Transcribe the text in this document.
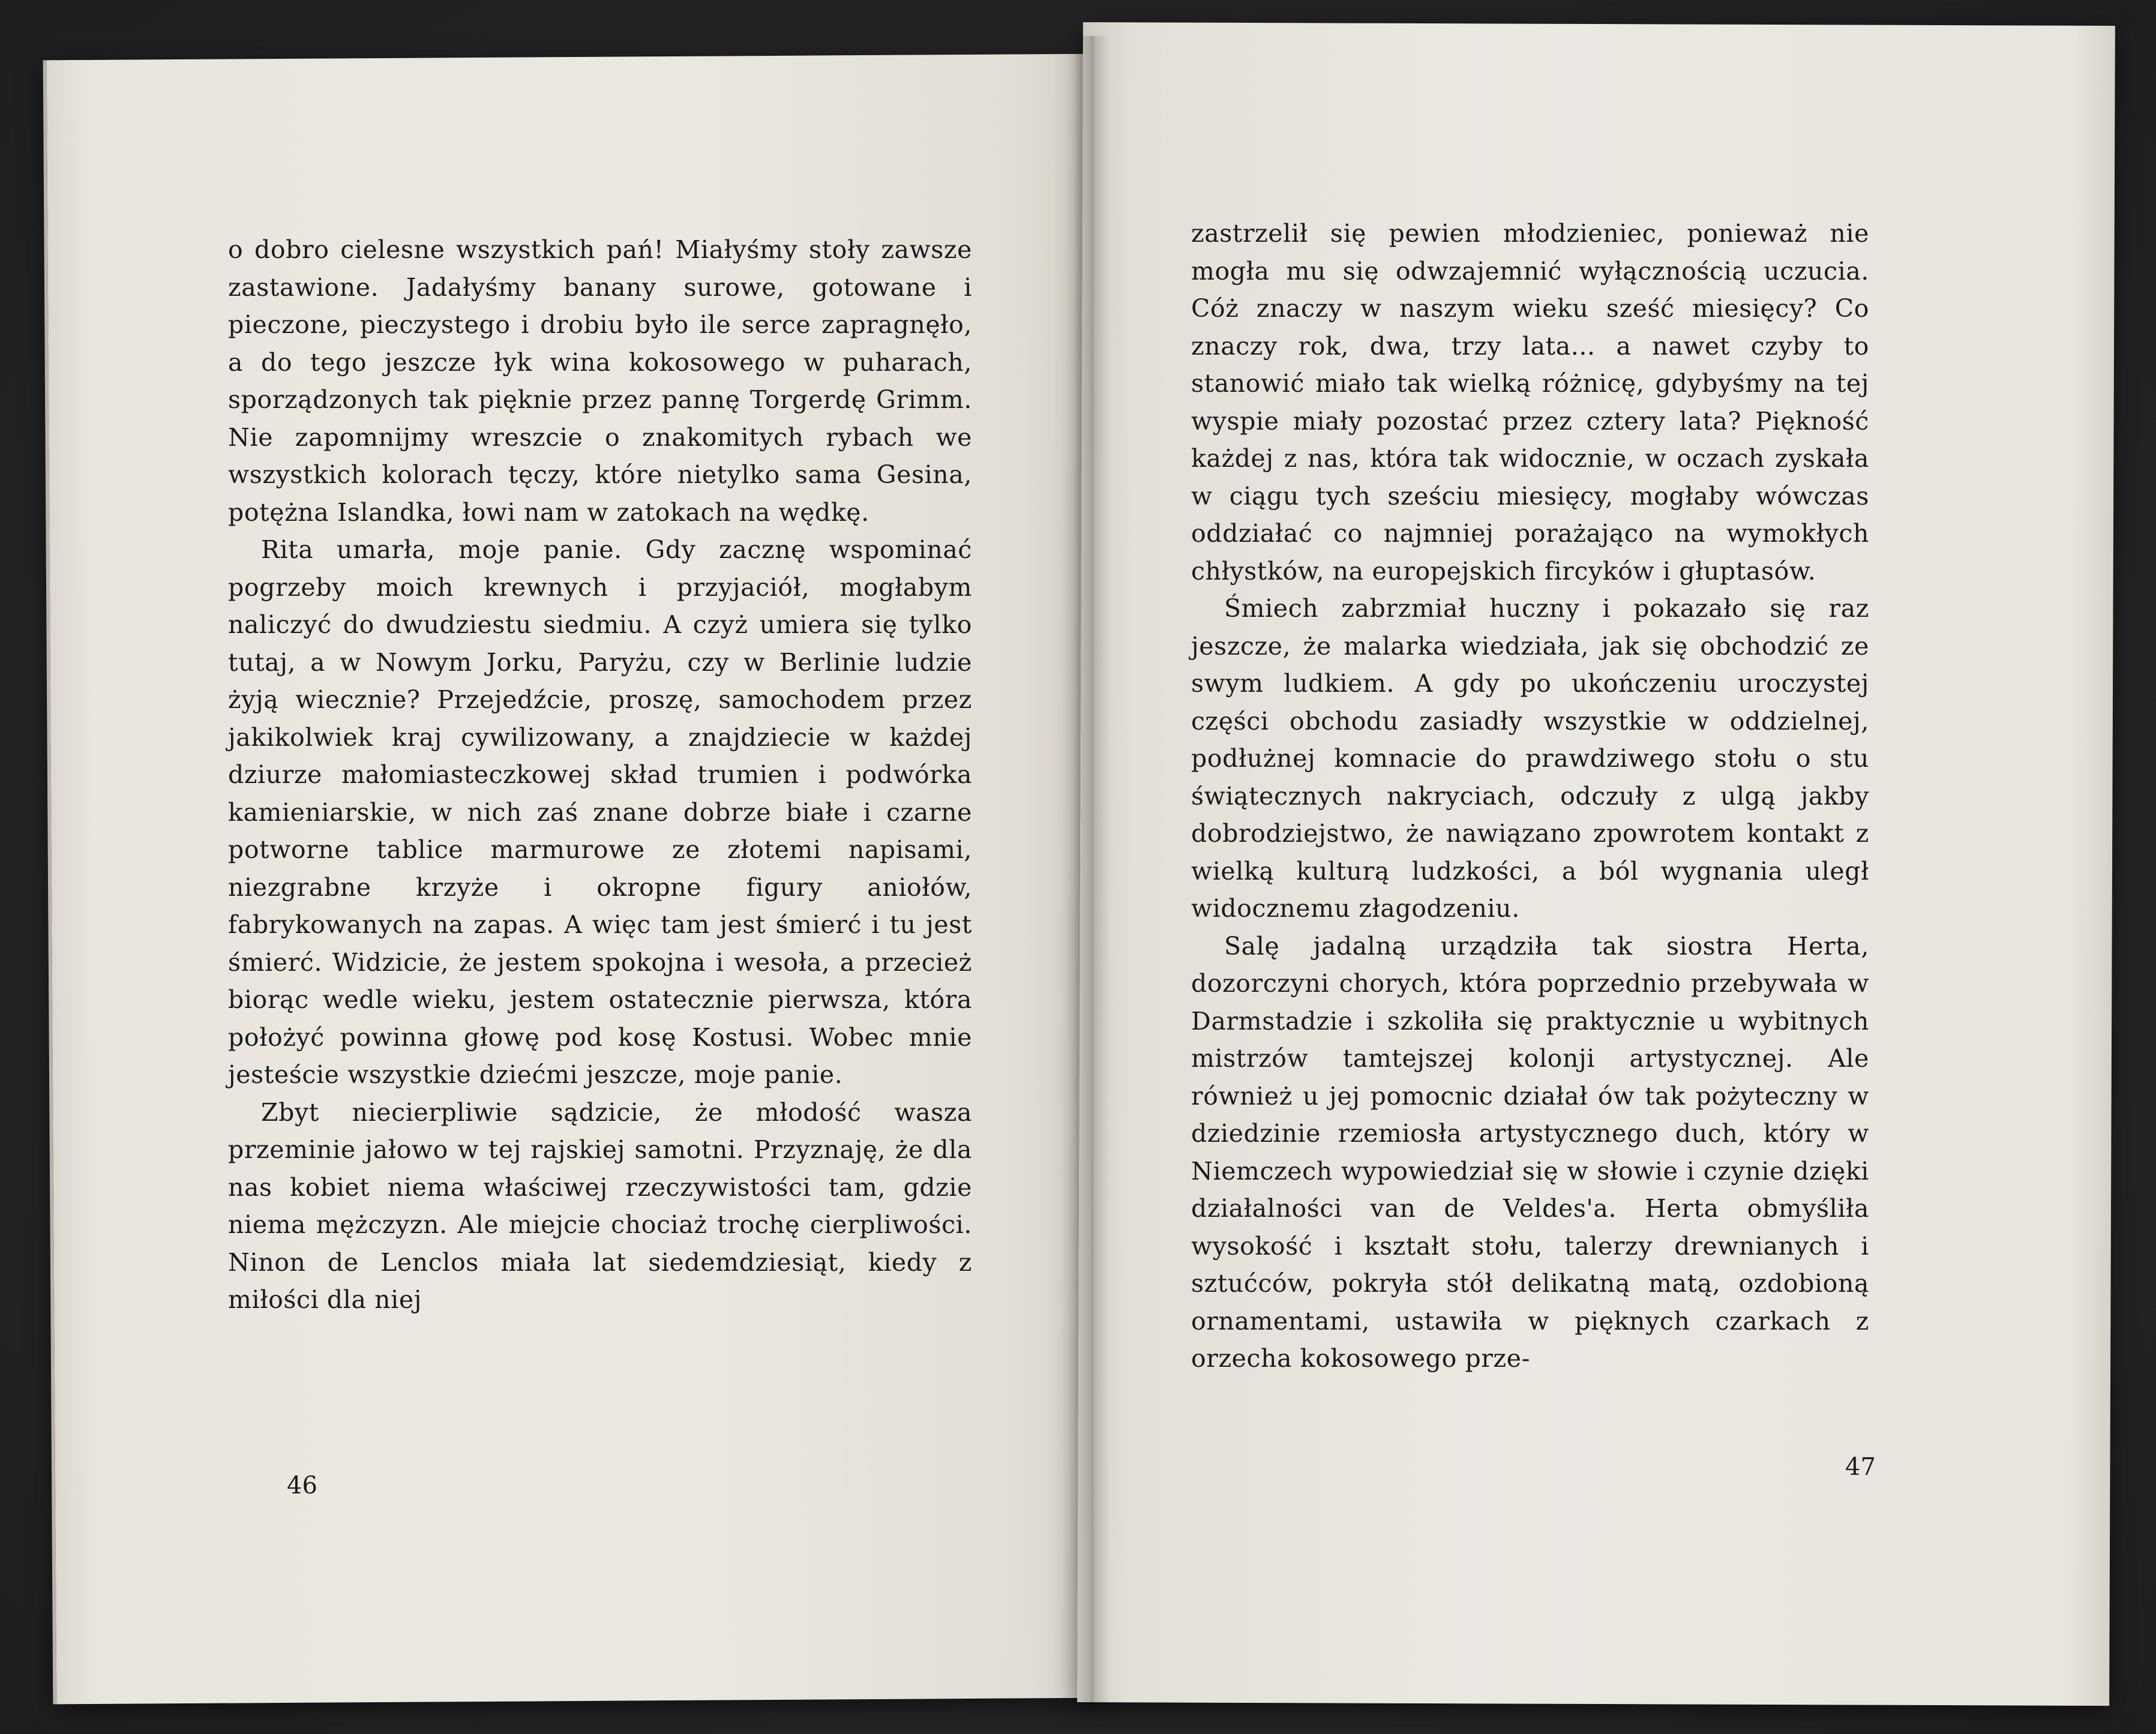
o dobro cielesne wszystkich pań! Miałyśmy stoły zawsze zastawione. Jadałyśmy banany surowe, gotowane i pieczone, pieczystego i drobiu było ile serce zapragnęło, a do tego jeszcze łyk wina kokosowego w puharach, sporządzonych tak pięknie przez pannę Torgerdę Grimm. Nie zapomnijmy wreszcie o znakomitych rybach we wszystkich kolorach tęczy, które nietylko sama Gesina, potężna Islandka, łowi nam w zatokach na wędkę.

Rita umarła, moje panie. Gdy zacznę wspominać pogrzeby moich krewnych i przyjaciół, mogłabym naliczyć do dwudziestu siedmiu. A czyż umiera się tylko tutaj, a w Nowym Jorku, Paryżu, czy w Berlinie ludzie żyją wiecznie? Przejedźcie, proszę, samochodem przez jakikolwiek kraj cywilizowany, a znajdziecie w każdej dziurze małomiasteczkowej skład trumien i podwórka kamieniarskie, w nich zaś znane dobrze białe i czarne potworne tablice marmurowe ze złotemi napisami, niezgrabne krzyże i okropne figury aniołów, fabrykowanych na zapas. A więc tam jest śmierć i tu jest śmierć. Widzicie, że jestem spokojna i wesoła, a przecież biorąc wedle wieku, jestem ostatecznie pierwsza, która położyć powinna głowę pod kosę Kostusi. Wobec mnie jesteście wszystkie dziećmi jeszcze, moje panie.

Zbyt niecierpliwie sądzicie, że młodość wasza przeminie jałowo w tej rajskiej samotni. Przyznaję, że dla nas kobiet niema właściwej rzeczywistości tam, gdzie niema mężczyzn. Ale miejcie chociaż trochę cierpliwości. Ninon de Lenclos miała lat siedemdziesiąt, kiedy z miłości dla niej

46

zastrzelił się pewien młodzieniec, ponieważ nie mogła mu się odwzajemnić wyłącznością uczucia. Cóż znaczy w naszym wieku sześć miesięcy? Co znaczy rok, dwa, trzy lata... a nawet czyby to stanowić miało tak wielką różnicę, gdybyśmy na tej wyspie miały pozostać przez cztery lata? Piękność każdej z nas, która tak widocznie, w oczach zyskała w ciągu tych sześciu miesięcy, mogłaby wówczas oddziałać co najmniej porażająco na wymokłych chłystków, na europejskich fircyków i głuptasów.

Śmiech zabrzmiał huczny i pokazało się raz jeszcze, że malarka wiedziała, jak się obchodzić ze swym ludkiem. A gdy po ukończeniu uroczystej części obchodu zasiadły wszystkie w oddzielnej, podłużnej komnacie do prawdziwego stołu o stu świątecznych nakryciach, odczuły z ulgą jakby dobrodziejstwo, że nawiązano zpowrotem kontakt z wielką kulturą ludzkości, a ból wygnania uległ widocznemu złagodzeniu.

Salę jadalną urządziła tak siostra Herta, dozorczyni chorych, która poprzednio przebywała w Darmstadzie i szkoliła się praktycznie u wybitnych mistrzów tamtejszej kolonji artystycznej. Ale również u jej pomocnic działał ów tak pożyteczny w dziedzinie rzemiosła artystycznego duch, który w Niemczech wypowiedział się w słowie i czynie dzięki działalności van de Veldes'a. Herta obmyśliła wysokość i kształt stołu, talerzy drewnianych i sztućców, pokryła stół delikatną matą, ozdobioną ornamentami, ustawiła w pięknych czarkach z orzecha kokosowego prze-

47
